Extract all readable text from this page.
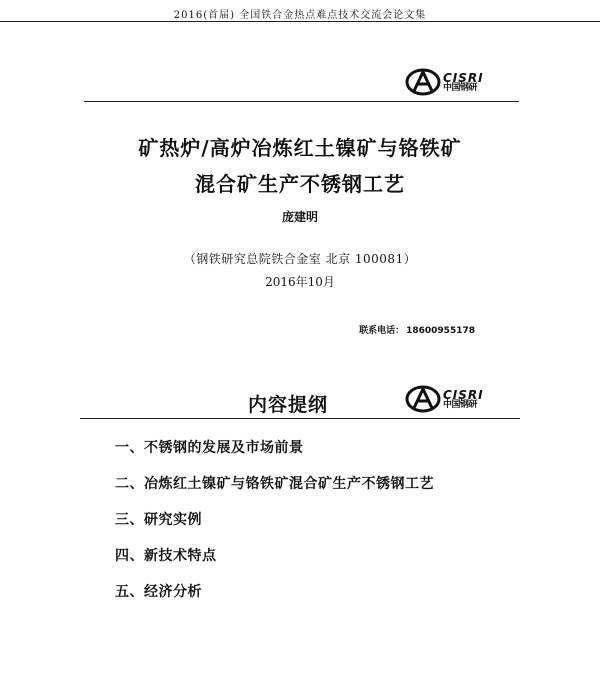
2016(首届) 全国铁合金热点难点技术交流会论文集
CISRI
中国钢研
矿热炉/高炉冶炼红土镍矿与铬铁矿
混合矿生产不锈钢工艺
庞建明
（钢铁研究总院铁合金室 北京 100081）
2016年10月
联系电话： 18600955178
内容提纲	CISRI
中国钢研
一、不锈钢的发展及市场前景
二、冶炼红土镍矿与铬铁矿混合矿生产不锈钢工艺
三、研究实例
四、新技术特点
五、经济分析
